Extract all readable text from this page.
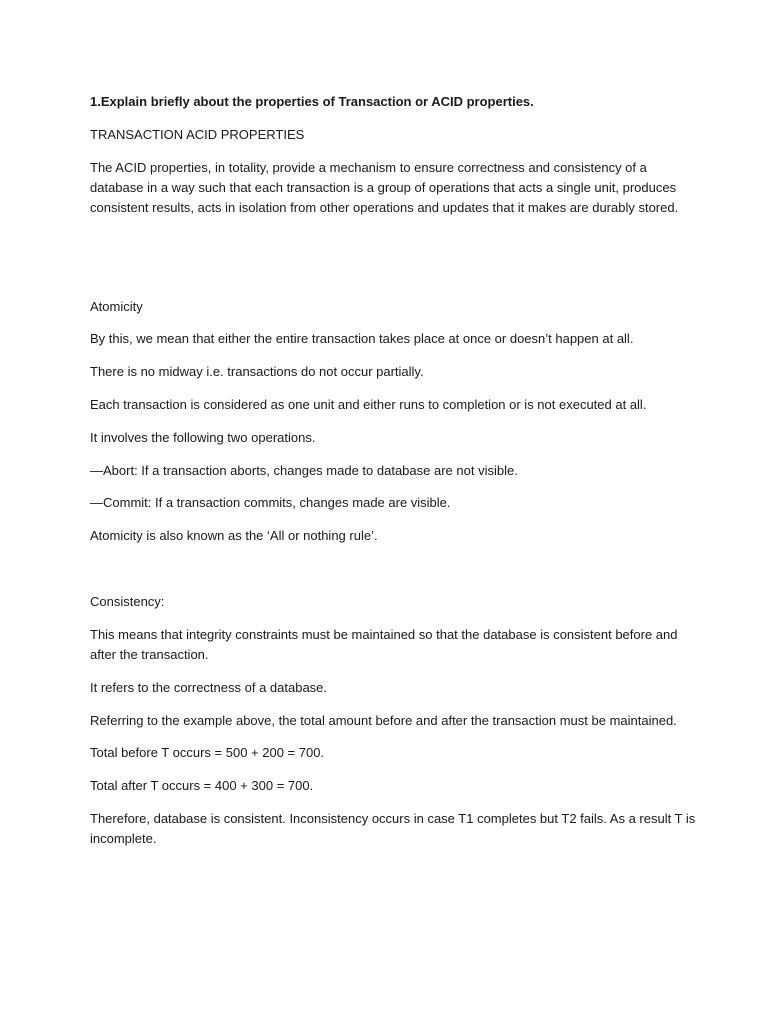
1.Explain briefly about the properties of Transaction or ACID properties.

TRANSACTION ACID PROPERTIES

The ACID properties, in totality, provide a mechanism to ensure correctness and consistency of a
database in a way such that each transaction is a group of operations that acts a single unit, produces
consistent results, acts in isolation from other operations and updates that it makes are durably stored.

Atomicity

By this, we mean that either the entire transaction takes place at once or doesn’t happen at all.

There is no midway i.e. transactions do not occur partially.

Each transaction is considered as one unit and either runs to completion or is not executed at all.

It involves the following two operations.

—Abort: If a transaction aborts, changes made to database are not visible.

—Commit: If a transaction commits, changes made are visible.

Atomicity is also known as the ‘All or nothing rule’.

Consistency:

This means that integrity constraints must be maintained so that the database is consistent before and
after the transaction.

It refers to the correctness of a database.

Referring to the example above, the total amount before and after the transaction must be maintained.

Total before T occurs = 500 + 200 = 700.

Total after T occurs = 400 + 300 = 700.

Therefore, database is consistent. Inconsistency occurs in case T1 completes but T2 fails. As a result T is
incomplete.
